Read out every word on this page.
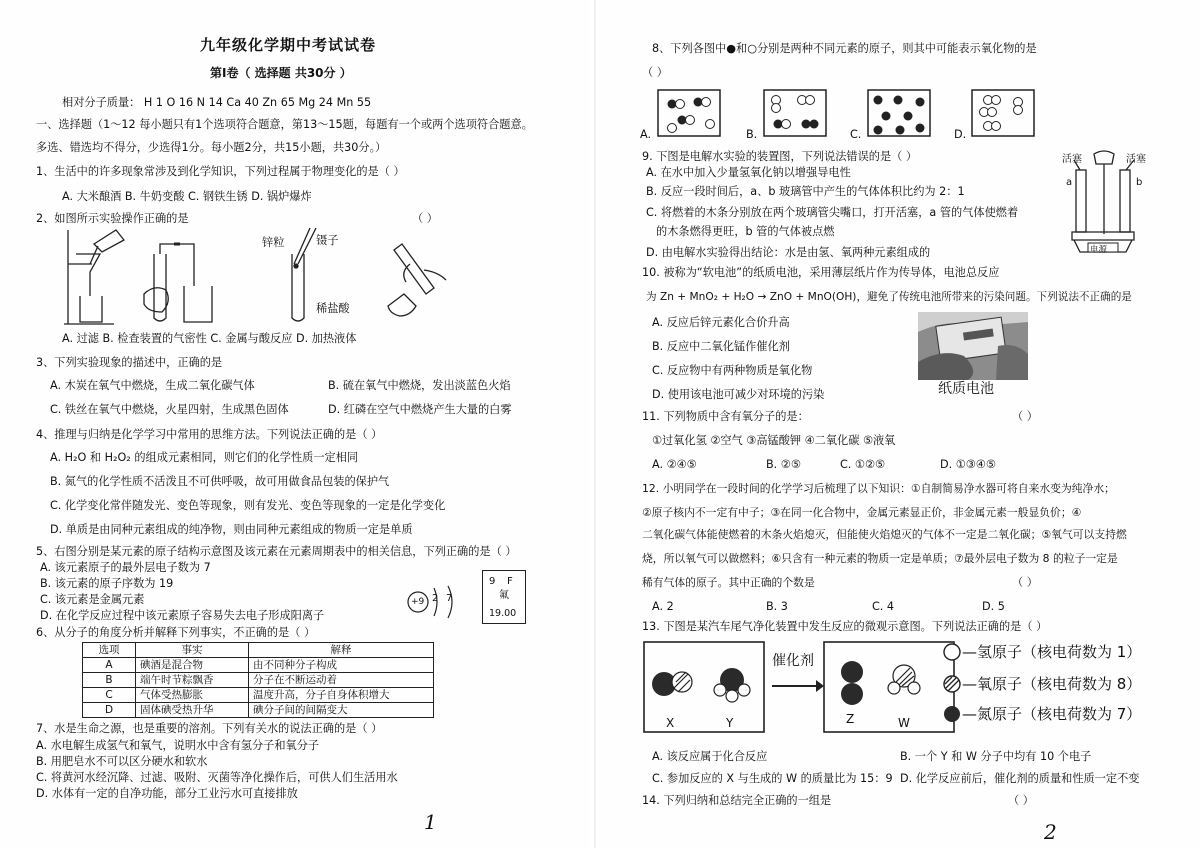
九年级化学期中考试试卷
第Ⅰ卷（ 选择题 共30分 ）
相对分子质量： H 1 O 16 N 14 Ca 40 Zn 65 Mg 24 Mn 55
一、选择题（1～12 每小题只有1个选项符合题意，第13～15题，每题有一个或两个选项符合题意。
多选、错选均不得分，少选得1分。每小题2分，共15小题，共30分。）
1、生活中的许多现象常涉及到化学知识，下列过程属于物理变化的是（ ）
A. 大米酿酒 B. 牛奶变酸 C. 钢铁生锈 D. 锅炉爆炸
2、如图所示实验操作正确的是	（ ）
锌粒	镊子
稀盐酸
A. 过滤 B. 检查装置的气密性 C. 金属与酸反应 D. 加热液体
3、下列实验现象的描述中，正确的是
A. 木炭在氧气中燃烧，生成二氧化碳气体	B. 硫在氧气中燃烧，发出淡蓝色火焰
C. 铁丝在氧气中燃烧，火星四射，生成黑色固体	D. 红磷在空气中燃烧产生大量的白雾
4、推理与归纳是化学学习中常用的思维方法。下列说法正确的是（ ）
A. H₂O 和 H₂O₂ 的组成元素相同，则它们的化学性质一定相同
B. 氮气的化学性质不活泼且不可供呼吸，故可用做食品包装的保护气
C. 化学变化常伴随发光、变色等现象，则有发光、变色等现象的一定是化学变化
D. 单质是由同种元素组成的纯净物，则由同种元素组成的物质一定是单质
5、右图分别是某元素的原子结构示意图及该元素在元素周期表中的相关信息，下列正确的是（ ）
A. 该元素原子的最外层电子数为 7
B. 该元素的原子序数为 19
C. 该元素是金属元素
D. 在化学反应过程中该元素原子容易失去电子形成阳离子
+9 2 7
9 F
氟
19.00
6、从分子的角度分析并解释下列事实，不正确的是（ ）
选项	事实	解释
A	碘酒是混合物	由不同种分子构成
B	端午时节粽飘香	分子在不断运动着
C	气体受热膨胀	温度升高，分子自身体积增大
D	固体碘受热升华	碘分子间的间隔变大
7、水是生命之源，也是重要的溶剂。下列有关水的说法正确的是（ ）
A. 水电解生成氢气和氧气，说明水中含有氢分子和氧分子
B. 用肥皂水不可以区分硬水和软水
C. 将黄河水经沉降、过滤、吸附、灭菌等净化操作后，可供人们生活用水
D. 水体有一定的自净功能，部分工业污水可直接排放
1
8、下列各图中●和○分别是两种不同元素的原子，则其中可能表示氧化物的是
（ ）
A.	B.	C.	D.
9. 下图是电解水实验的装置图，下列说法错误的是（ ）
A. 在水中加入少量氢氧化钠以增强导电性
B. 反应一段时间后，a、b 玻璃管中产生的气体体积比约为 2：1
C. 将燃着的木条分别放在两个玻璃管尖嘴口，打开活塞，a 管的气体使燃着
的木条燃得更旺，b 管的气体被点燃
D. 由电解水实验得出结论：水是由氢、氧两种元素组成的
活塞	活塞
a	b
电源
10. 被称为“软电池”的纸质电池，采用薄层纸片作为传导体，电池总反应
为 Zn + MnO₂ + H₂O → ZnO + MnO(OH)，避免了传统电池所带来的污染问题。下列说法不正确的是
A. 反应后锌元素化合价升高
B. 反应中二氧化锰作催化剂
C. 反应物中有两种物质是氧化物
D. 使用该电池可减少对环境的污染	纸质电池
11. 下列物质中含有氧分子的是：	（ ）
①过氧化氢 ②空气 ③高锰酸钾 ④二氧化碳 ⑤液氧
A. ②④⑤	B. ②⑤	C. ①②⑤	D. ①③④⑤
12. 小明同学在一段时间的化学学习后梳理了以下知识：①自制简易净水器可将自来水变为纯净水；
②原子核内不一定有中子；③在同一化合物中，金属元素显正价，非金属元素一般显负价；④
二氧化碳气体能使燃着的木条火焰熄灭，但能使火焰熄灭的气体不一定是二氧化碳；⑤氧气可以支持燃
烧，所以氧气可以做燃料；⑥只含有一种元素的物质一定是单质；⑦最外层电子数为 8 的粒子一定是
稀有气体的原子。其中正确的个数是	（ ）
A. 2	B. 3	C. 4	D. 5
13. 下图是某汽车尾气净化装置中发生反应的微观示意图。下列说法正确的是（ ）
催化剂
X	Y	Z	W
—氢原子（核电荷数为 1）
—氧原子（核电荷数为 8）
—氮原子（核电荷数为 7）
A. 该反应属于化合反应	B. 一个 Y 和 W 分子中均有 10 个电子
C. 参加反应的 X 与生成的 W 的质量比为 15：9 D. 化学反应前后，催化剂的质量和性质一定不变
14. 下列归纳和总结完全正确的一组是	（ ）
2
